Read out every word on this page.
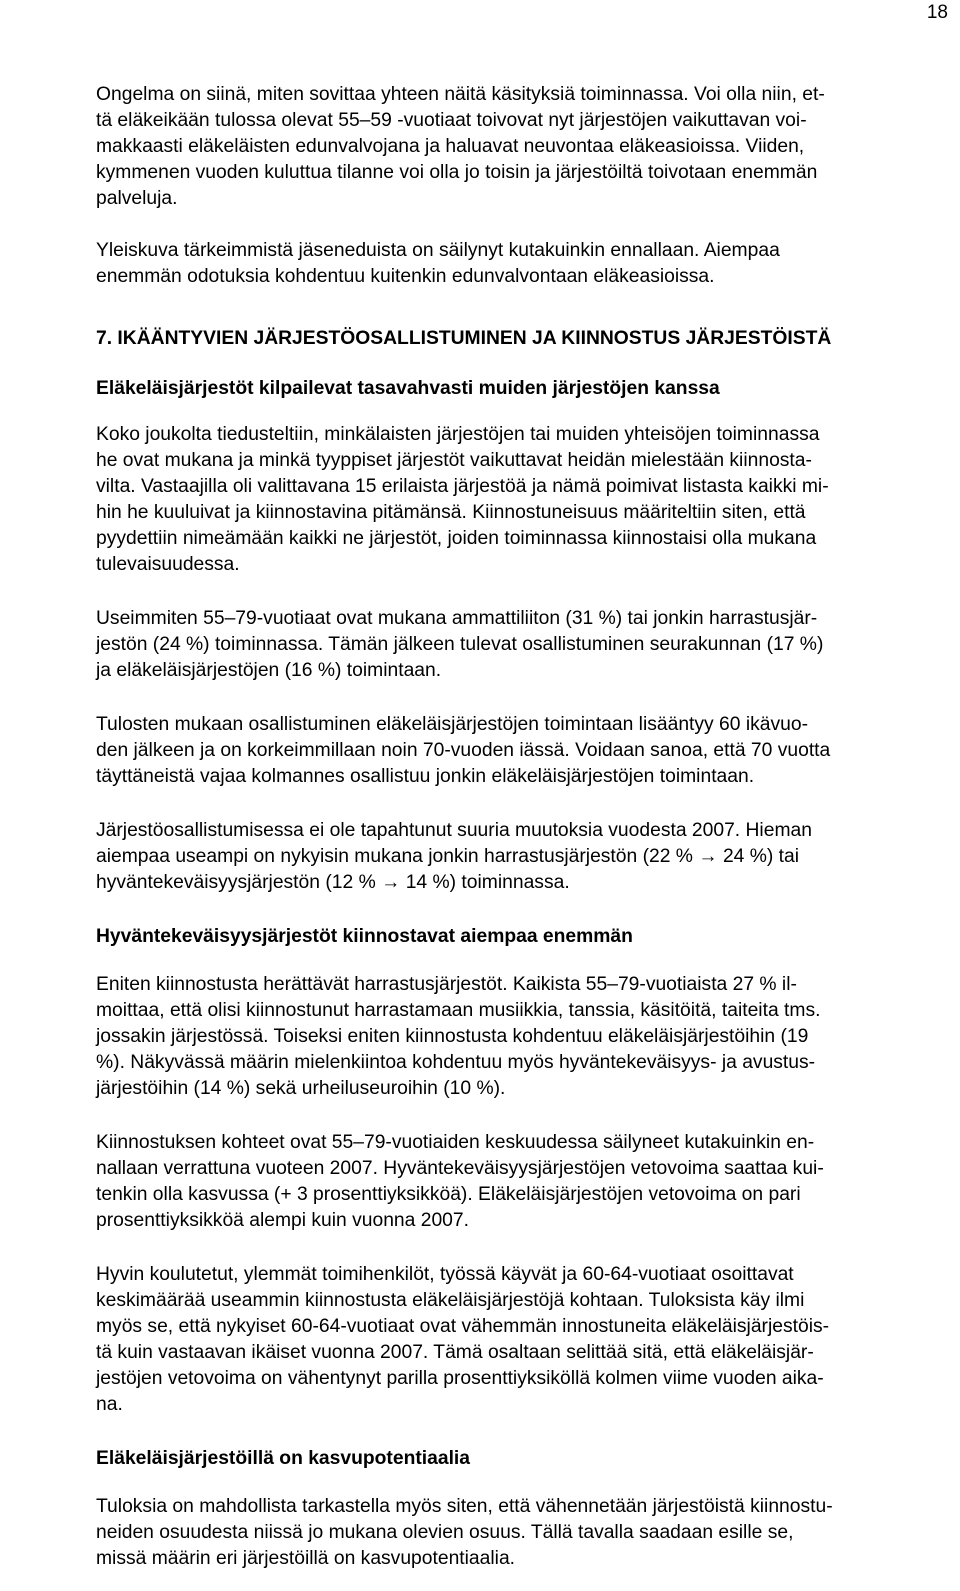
18

Ongelma on siinä, miten sovittaa yhteen näitä käsityksiä toiminnassa. Voi olla niin, et-
tä eläkeikään tulossa olevat 55–59 -vuotiaat toivovat nyt järjestöjen vaikuttavan voi-
makkaasti eläkeläisten edunvalvojana ja haluavat neuvontaa eläkeasioissa. Viiden,
kymmenen vuoden kuluttua tilanne voi olla jo toisin ja järjestöiltä toivotaan enemmän
palveluja.

Yleiskuva tärkeimmistä jäseneduista on säilynyt kutakuinkin ennallaan. Aiempaa
enemmän odotuksia kohdentuu kuitenkin edunvalvontaan eläkeasioissa.

7. IKÄÄNTYVIEN JÄRJESTÖOSALLISTUMINEN JA KIINNOSTUS JÄRJESTÖISTÄ
Eläkeläisjärjestöt kilpailevat tasavahvasti muiden järjestöjen kanssa

Koko joukolta tiedusteltiin, minkälaisten järjestöjen tai muiden yhteisöjen toiminnassa
he ovat mukana ja minkä tyyppiset järjestöt vaikuttavat heidän mielestään kiinnosta-
vilta. Vastaajilla oli valittavana 15 erilaista järjestöä ja nämä poimivat listasta kaikki mi-
hin he kuuluivat ja kiinnostavina pitämänsä. Kiinnostuneisuus määriteltiin siten, että
pyydettiin nimeämään kaikki ne järjestöt, joiden toiminnassa kiinnostaisi olla mukana
tulevaisuudessa.

Useimmiten 55–79-vuotiaat ovat mukana ammattiliiton (31 %) tai jonkin harrastusjär-
jestön (24 %) toiminnassa. Tämän jälkeen tulevat osallistuminen seurakunnan (17 %)
ja eläkeläisjärjestöjen (16 %) toimintaan.

Tulosten mukaan osallistuminen eläkeläisjärjestöjen toimintaan lisääntyy 60 ikävuo-
den jälkeen ja on korkeimmillaan noin 70-vuoden iässä. Voidaan sanoa, että 70 vuotta
täyttäneistä vajaa kolmannes osallistuu jonkin eläkeläisjärjestöjen toimintaan.

Järjestöosallistumisessa ei ole tapahtunut suuria muutoksia vuodesta 2007. Hieman
aiempaa useampi on nykyisin mukana jonkin harrastusjärjestön (22 % → 24 %) tai
hyväntekeväisyysjärjestön (12 % → 14 %) toiminnassa.

Hyväntekeväisyysjärjestöt kiinnostavat aiempaa enemmän

Eniten kiinnostusta herättävät harrastusjärjestöt. Kaikista 55–79-vuotiaista 27 % il-
moittaa, että olisi kiinnostunut harrastamaan musiikkia, tanssia, käsitöitä, taiteita tms.
jossakin järjestössä. Toiseksi eniten kiinnostusta kohdentuu eläkeläisjärjestöihin (19
%). Näkyvässä määrin mielenkiintoa kohdentuu myös hyväntekeväisyys- ja avustus-
järjestöihin (14 %) sekä urheiluseuroihin (10 %).

Kiinnostuksen kohteet ovat 55–79-vuotiaiden keskuudessa säilyneet kutakuinkin en-
nallaan verrattuna vuoteen 2007. Hyväntekeväisyysjärjestöjen vetovoima saattaa kui-
tenkin olla kasvussa (+ 3 prosenttiyksikköä). Eläkeläisjärjestöjen vetovoima on pari
prosenttiyksikköä alempi kuin vuonna 2007.

Hyvin koulutetut, ylemmät toimihenkilöt, työssä käyvät ja 60-64-vuotiaat osoittavat
keskimäärää useammin kiinnostusta eläkeläisjärjestöjä kohtaan. Tuloksista käy ilmi
myös se, että nykyiset 60-64-vuotiaat ovat vähemmän innostuneita eläkeläisjärjestöis-
tä kuin vastaavan ikäiset vuonna 2007. Tämä osaltaan selittää sitä, että eläkeläisjär-
jestöjen vetovoima on vähentynyt parilla prosenttiyksiköllä kolmen viime vuoden aika-
na.

Eläkeläisjärjestöillä on kasvupotentiaalia

Tuloksia on mahdollista tarkastella myös siten, että vähennetään järjestöistä kiinnostu-
neiden osuudesta niissä jo mukana olevien osuus. Tällä tavalla saadaan esille se,
missä määrin eri järjestöillä on kasvupotentiaalia.
